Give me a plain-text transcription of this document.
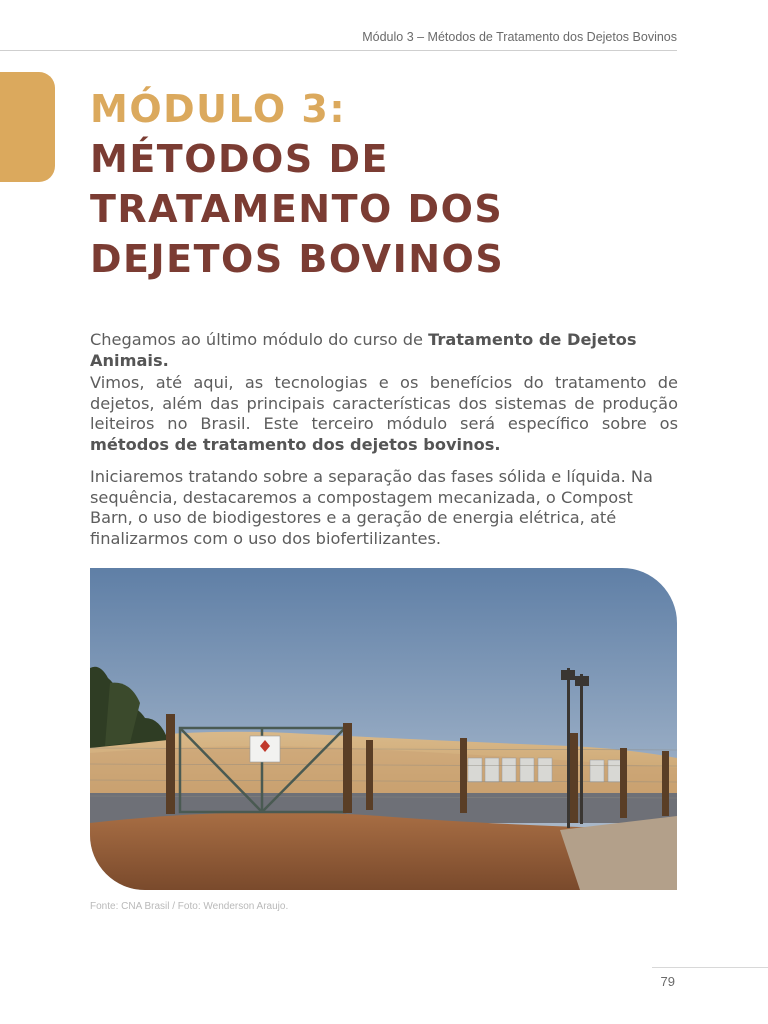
Módulo 3 – Métodos de Tratamento dos Dejetos Bovinos
MÓDULO 3:
MÉTODOS DE
TRATAMENTO DOS
DEJETOS BOVINOS

Chegamos ao último módulo do curso de Tratamento de Dejetos Animais.

Vimos, até aqui, as tecnologias e os benefícios do tratamento de dejetos, além das principais características dos sistemas de produção leiteiros no Brasil. Este terceiro módulo será específico sobre os métodos de tratamento dos dejetos bovinos.

Iniciaremos tratando sobre a separação das fases sólida e líquida. Na sequência, destacaremos a compostagem mecanizada, o Compost Barn, o uso de biodigestores e a geração de energia elétrica, até finalizarmos com o uso dos biofertilizantes.

Fonte: CNA Brasil / Foto: Wenderson Araujo.
79
